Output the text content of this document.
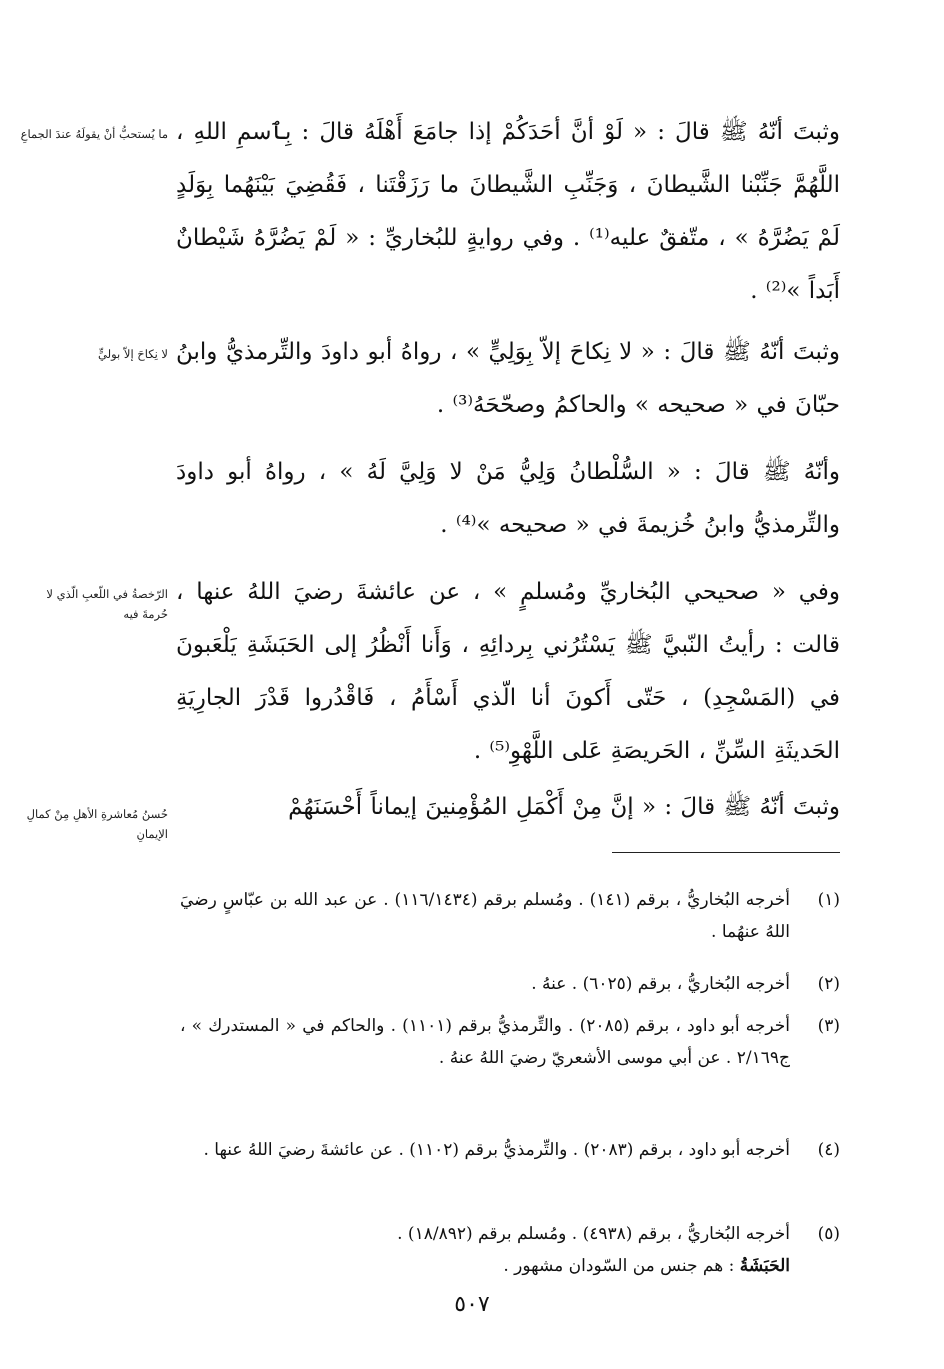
وثبتَ أنّهُ ﷺ قالَ : « لَوْ أنَّ أحَدَكُمْ إذا جامَعَ أَهْلَهُ قالَ : بِٱسمِ اللهِ ، اللَّهُمَّ جَنِّبْنا الشَّيطانَ ، وَجَنِّبِ الشَّيطانَ ما رَزَقْتَنا ، فَقُضِيَ بَيْنَهُما بِوَلَدٍ لَمْ يَضُرَّهُ » ، متّفقٌ عليه⁽¹⁾ . وفي روايةٍ للبُخاريِّ : « لَمْ يَضُرَّهُ شَيْطانٌ أَبَداً »⁽²⁾ .
ما يُستحبُّ أنْ يقولَهُ عندَ الجماعِ
وثبتَ أنّهُ ﷺ قالَ : « لا نِكاحَ إلاّ بِوَلِيٍّ » ، رواهُ أبو داودَ والتِّرمذيُّ وابنُ حبّانَ في « صحيحه » والحاكمُ وصحّحَهُ⁽³⁾ .
لا نِكاحَ إلاّ بوليٍّ
وأنّهُ ﷺ قالَ : « السُّلْطانُ وَلِيُّ مَنْ لا وَلِيَّ لَهُ » ، رواهُ أبو داودَ والتِّرمذيُّ وابنُ خُزيمةَ في « صحيحه »⁽⁴⁾ .
وفي « صحيحي البُخاريِّ ومُسلمٍ » ، عن عائشةَ رضيَ اللهُ عنها ، قالت : رأيتُ النّبيَّ ﷺ يَسْتُرُني بِردائِهِ ، وَأَنا أَنْظُرُ إلى الحَبَشَةِ يَلْعَبونَ في (المَسْجِدِ) ، حَتّى أَكونَ أنا الّذي أَسْأَمُ ، فَاقْدُروا قَدْرَ الجارِيَةِ الحَديثَةِ السِّنِّ ، الحَريصَةِ عَلى اللَّهْوِ⁽⁵⁾ .
الرّخصةُ في اللّعبِ الّذي لا حُرمةَ فيه
وثبتَ أنّهُ ﷺ قالَ : « إنَّ مِنْ أَكْمَلِ المُؤْمِنينَ إيماناً أَحْسَنَهُمْ
حُسنُ مُعاشرةِ الأهلِ مِنْ كمالِ الإيمانِ
(١)
أخرجه البُخاريُّ ، برقم (١٤١) . ومُسلم برقم (١١٦/١٤٣٤) . عن عبد الله بن عبّاسٍ رضيَ اللهُ عنهُما .
(٢)
أخرجه البُخاريُّ ، برقم (٦٠٢٥) . عنهُ .
(٣)
أخرجه أبو داود ، برقم (٢٠٨٥) . والتِّرمذيُّ برقم (١١٠١) . والحاكم في « المستدرك » ، ج٢/١٦٩ . عن أبي موسى الأشعريّ رضيَ اللهُ عنهُ .
(٤)
أخرجه أبو داود ، برقم (٢٠٨٣) . والتِّرمذيُّ برقم (١١٠٢) . عن عائشةَ رضيَ اللهُ عنها .
(٥)
أخرجه البُخاريُّ ، برقم (٤٩٣٨) . ومُسلم برقم (١٨/٨٩٢) .
الحَبَشَةُ : هم جنس من السّودان مشهور .
٥٠٧
